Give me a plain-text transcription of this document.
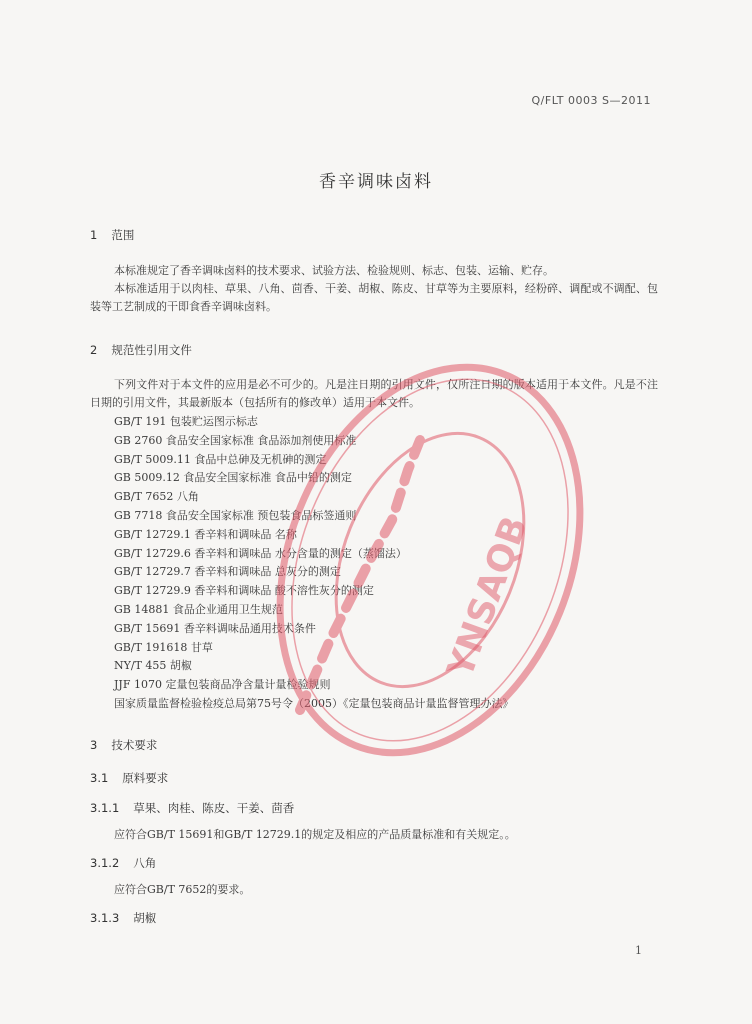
Q/FLT 0003 S—2011
香辛调味卤料
1 范围
本标准规定了香辛调味卤料的技术要求、试验方法、检验规则、标志、包装、运输、贮存。
本标准适用于以肉桂、草果、八角、茴香、干姜、胡椒、陈皮、甘草等为主要原料，经粉碎、调配或不调配、包装等工艺制成的干即食香辛调味卤料。
2 规范性引用文件
下列文件对于本文件的应用是必不可少的。凡是注日期的引用文件，仅所注日期的版本适用于本文件。凡是不注日期的引用文件，其最新版本（包括所有的修改单）适用于本文件。
GB/T 191 包装贮运图示标志
GB 2760 食品安全国家标准 食品添加剂使用标准
GB/T 5009.11 食品中总砷及无机砷的测定
GB 5009.12 食品安全国家标准 食品中铅的测定
GB/T 7652 八角
GB 7718 食品安全国家标准 预包装食品标签通则
GB/T 12729.1 香辛料和调味品 名称
GB/T 12729.6 香辛料和调味品 水分含量的测定（蒸馏法）
GB/T 12729.7 香辛料和调味品 总灰分的测定
GB/T 12729.9 香辛料和调味品 酸不溶性灰分的测定
GB 14881 食品企业通用卫生规范
GB/T 15691 香辛料调味品通用技术条件
GB/T 191618 甘草
NY/T 455 胡椒
JJF 1070 定量包装商品净含量计量检验规则
国家质量监督检验检疫总局第75号令（2005）《定量包装商品计量监督管理办法》
3 技术要求
3.1 原料要求
3.1.1 草果、肉桂、陈皮、干姜、茴香
应符合GB/T 15691和GB/T 12729.1的规定及相应的产品质量标准和有关规定。。
3.1.2 八角
应符合GB/T 7652的要求。
3.1.3 胡椒
1
YNSAQB
